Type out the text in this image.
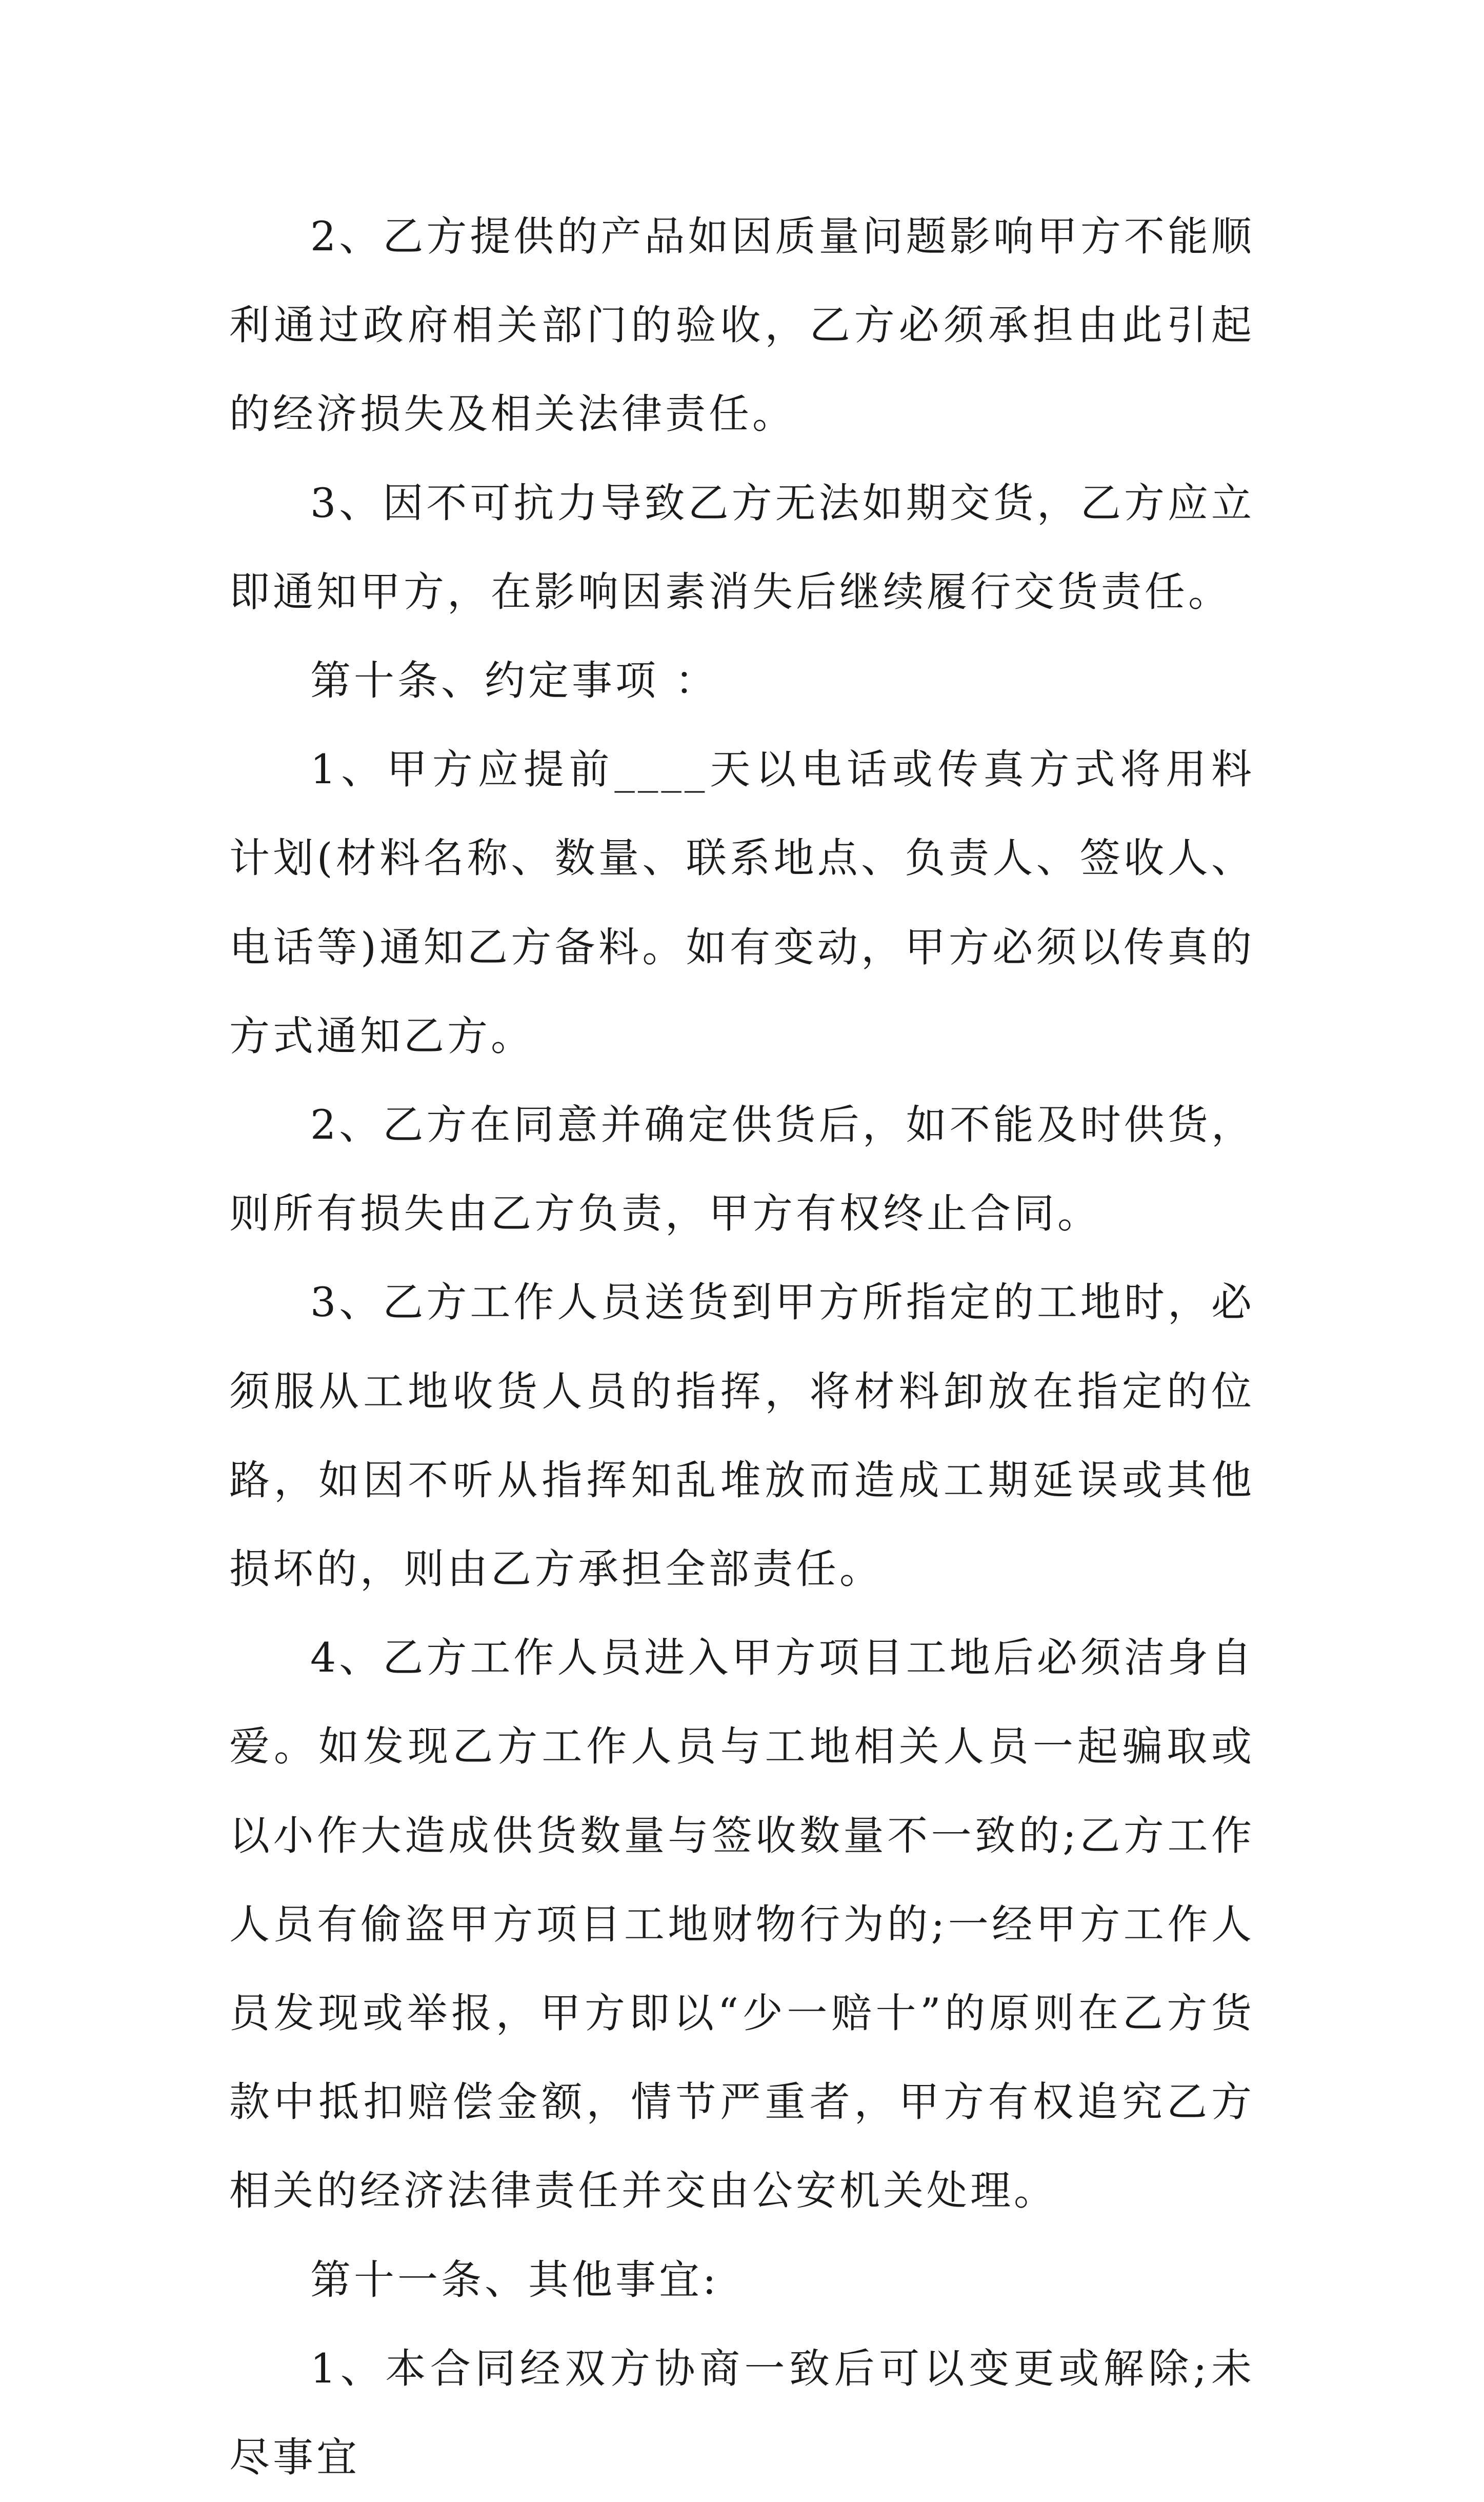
2、乙方提供的产品如因质量问题影响甲方不能顺利通过政府相关部门的验收，乙方必须承担由此引起的经济损失及相关法律责任。

3、因不可抗力导致乙方无法如期交货，乙方应立即通知甲方，在影响因素消失后继续履行交货责任。

第十条、约定事项 ：

1、甲方应提前____天以电话或传真方式将用料计划(材料名称、数量、联系地点、负责人、签收人、电话等)通知乙方备料。如有变动，甲方必须以传真的方式通知乙方。

2、乙方在同意并确定供货后，如不能及时供货，则所有损失由乙方负责，甲方有权终止合同。

3、乙方工作人员送货到甲方所指定的工地时，必须服从工地收货人员的指挥，将材料卸放在指定的位路，如因不听从指挥知乱堆放而造成工期延误或其他损坏的，则由乙方承担全部责任。

4、乙方工作人员进入甲方项目工地后必须洁身自爱。如发现乙方工作人员与工地相关人员一起骗取或以小作大造成供货数量与签收数量不一致的;乙方工作人员有偷盗甲方项目工地财物行为的;一经甲方工作人员发现或举报，甲方即以“少一赔十”的原则在乙方货款中抵扣赔偿金额，情节严重者，甲方有权追究乙方相关的经济法律责任并交由公安机关处理。

第十一条、其他事宜:

1、本合同经双方协商一致后可以变更或解除;未尽事宜
